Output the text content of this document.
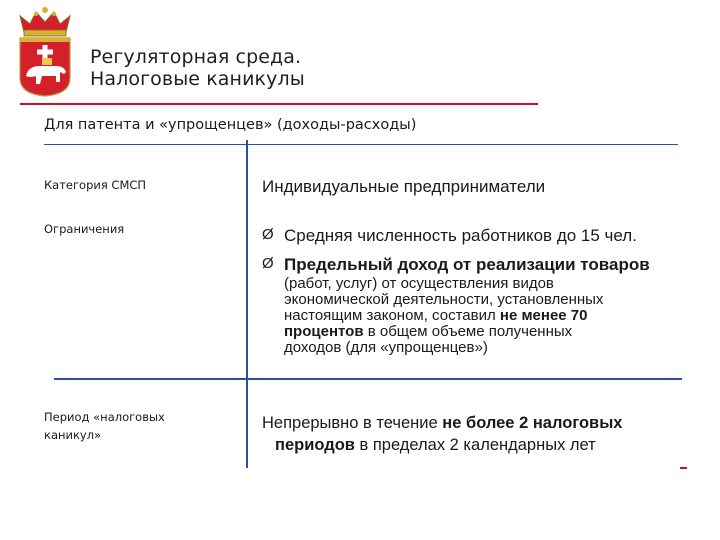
Регуляторная среда.
Налоговые каникулы
Для патента и «упрощенцев» (доходы-расходы)
Категория СМСП	Индивидуальные предприниматели
Ограничения	Ø Средняя численность работников до 15 чел.
Ø Предельный доход от реализации товаров
(работ, услуг) от осуществления видов
экономической деятельности, установленных
настоящим законом, составил не менее 70
процентов в общем объеме полученных
доходов (для «упрощенцев»)
Период «налоговых каникул»
Непрерывно в течение не более 2 налоговых
периодов в пределах 2 календарных лет
